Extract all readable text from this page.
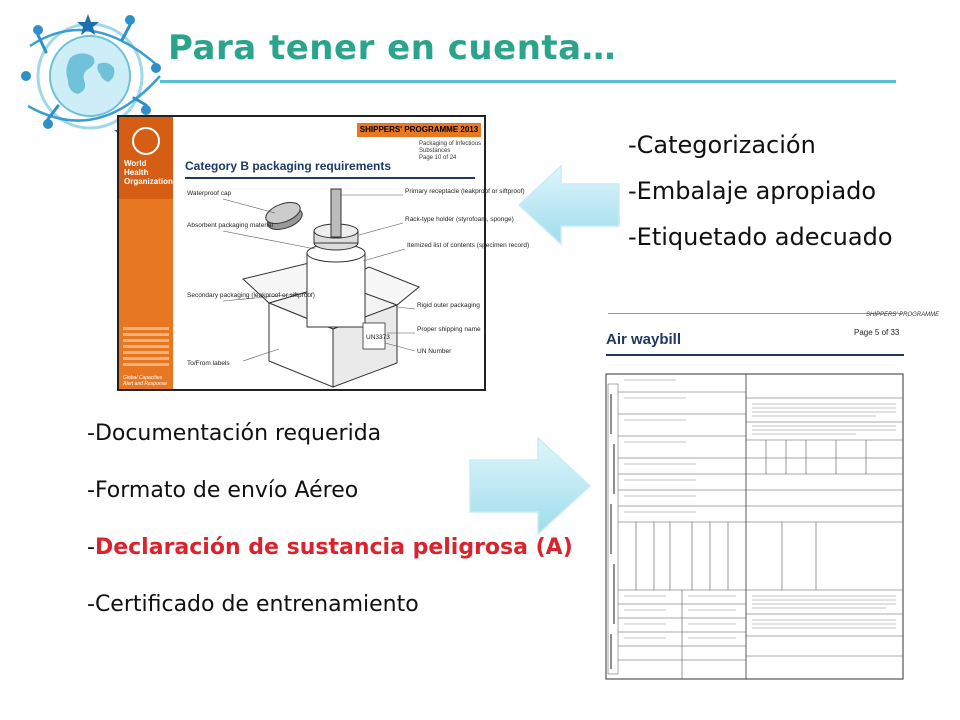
Para tener en cuenta…
World Health Organization
Global Capacities Alert and Response
SHIPPERS' PROGRAMME 2013
Packaging of Infectious Substances
Page 10 of 24
Category B packaging requirements
UN3373
Waterproof cap
Absorbent packaging material
Primary receptacle (leakproof or siftproof)
Rack-type holder (styrofoam, sponge)
Itemized list of contents (specimen record)
Secondary packaging (leakproof or siftproof)
Rigid outer packaging
Proper shipping name
UN Number
To/From labels
-Categorización
-Embalaje apropiado
-Etiquetado adecuado
-Documentación requerida
-Formato de envío Aéreo
-Declaración de sustancia peligrosa (A)
-Certificado de entrenamiento
SHIPPERS' PROGRAMME
Page 5 of 33
Air waybill
